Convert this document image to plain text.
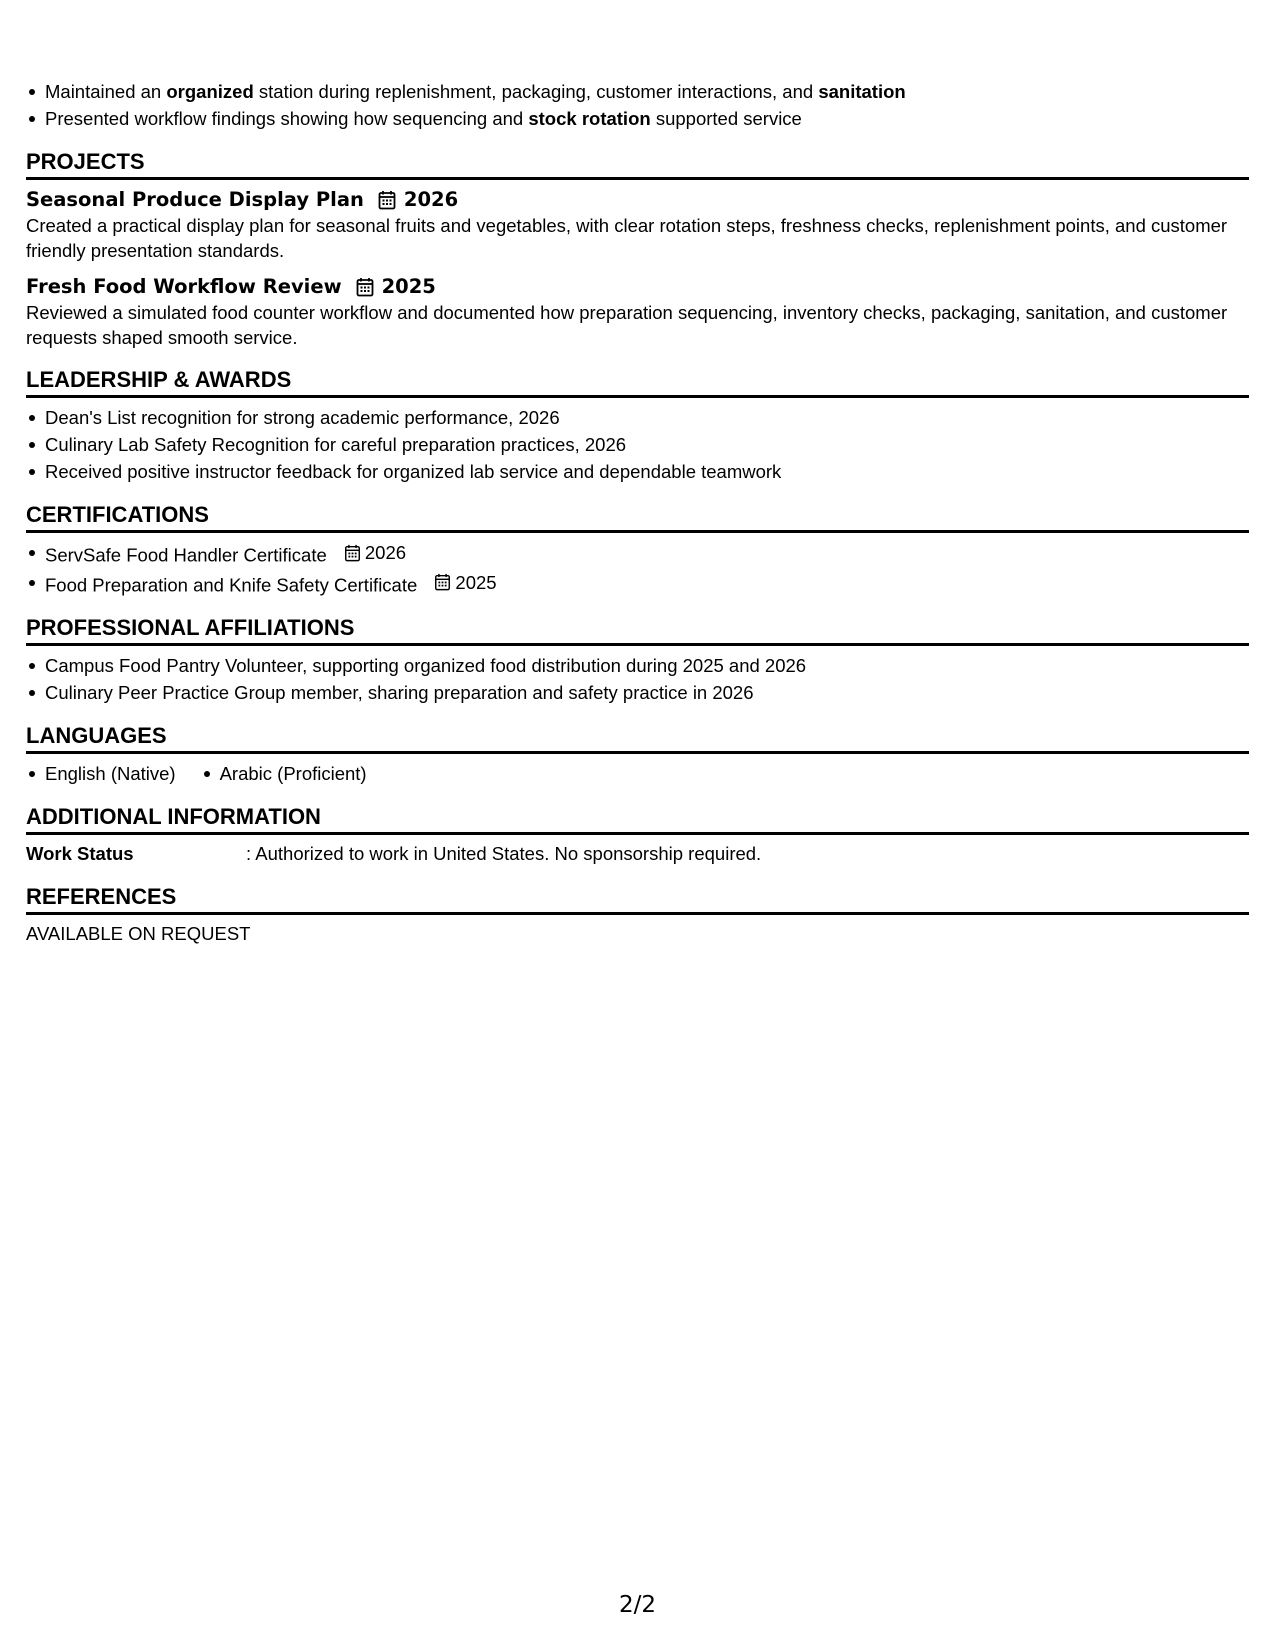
Maintained an organized station during replenishment, packaging, customer interactions, and sanitation
Presented workflow findings showing how sequencing and stock rotation supported service
PROJECTS
Seasonal Produce Display Plan 2026
Created a practical display plan for seasonal fruits and vegetables, with clear rotation steps, freshness checks, replenishment points, and customer friendly presentation standards.
Fresh Food Workflow Review 2025
Reviewed a simulated food counter workflow and documented how preparation sequencing, inventory checks, packaging, sanitation, and customer requests shaped smooth service.
LEADERSHIP & AWARDS
Dean's List recognition for strong academic performance, 2026
Culinary Lab Safety Recognition for careful preparation practices, 2026
Received positive instructor feedback for organized lab service and dependable teamwork
CERTIFICATIONS
ServSafe Food Handler Certificate 2026
Food Preparation and Knife Safety Certificate 2025
PROFESSIONAL AFFILIATIONS
Campus Food Pantry Volunteer, supporting organized food distribution during 2025 and 2026
Culinary Peer Practice Group member, sharing preparation and safety practice in 2026
LANGUAGES
English (Native) Arabic (Proficient)
ADDITIONAL INFORMATION
Work Status	: Authorized to work in United States. No sponsorship required.
REFERENCES
AVAILABLE ON REQUEST
2/2
